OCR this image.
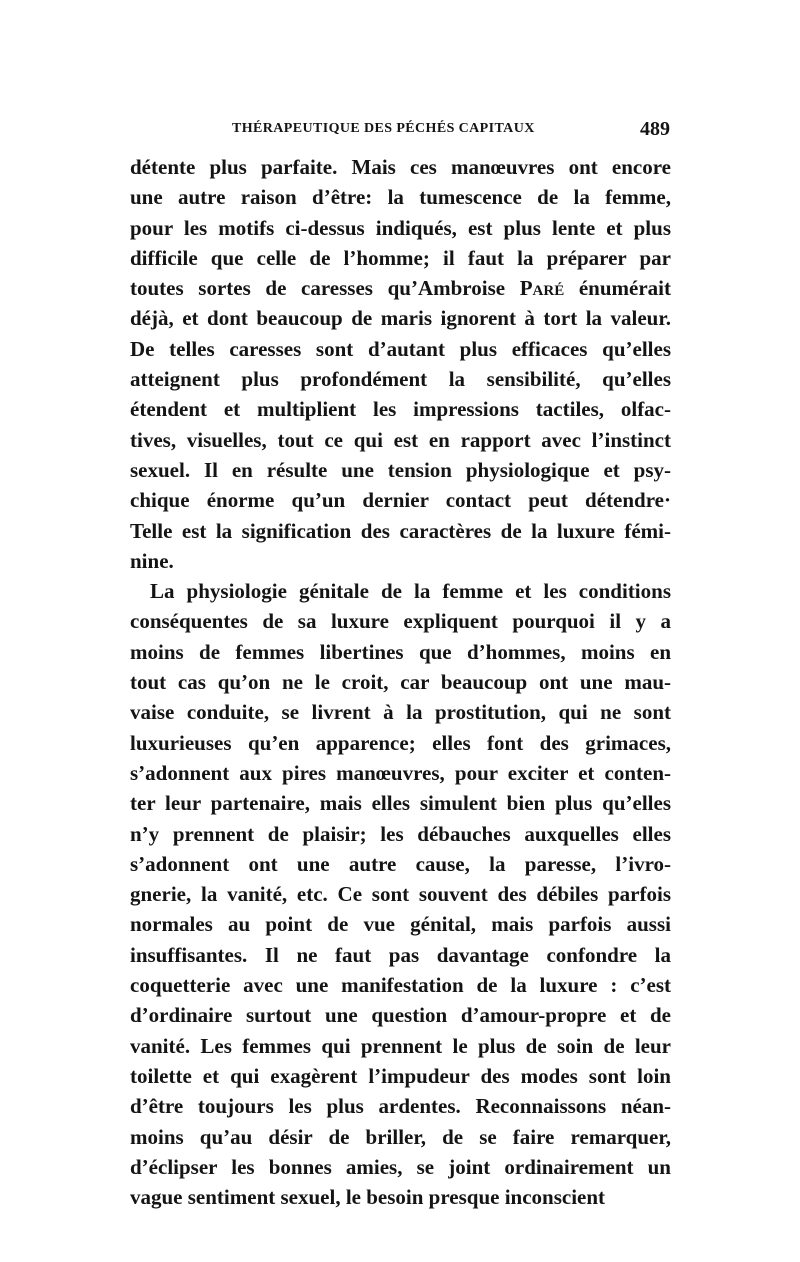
THÉRAPEUTIQUE DES PÉCHÉS CAPITAUX	489
détente plus parfaite. Mais ces manœuvres ont encore
une autre raison d’être: la tumescence de la femme,
pour les motifs ci-dessus indiqués, est plus lente et plus
difficile que celle de l’homme; il faut la préparer par
toutes sortes de caresses qu’Ambroise Paré énumérait
déjà, et dont beaucoup de maris ignorent à tort la valeur.
De telles caresses sont d’autant plus efficaces qu’elles
atteignent plus profondément la sensibilité, qu’elles
étendent et multiplient les impressions tactiles, olfac-
tives, visuelles, tout ce qui est en rapport avec l’instinct
sexuel. Il en résulte une tension physiologique et psy-
chique énorme qu’un dernier contact peut détendre·
Telle est la signification des caractères de la luxure fémi-
nine.
La physiologie génitale de la femme et les conditions
conséquentes de sa luxure expliquent pourquoi il y a
moins de femmes libertines que d’hommes, moins en
tout cas qu’on ne le croit, car beaucoup ont une mau-
vaise conduite, se livrent à la prostitution, qui ne sont
luxurieuses qu’en apparence; elles font des grimaces,
s’adonnent aux pires manœuvres, pour exciter et conten-
ter leur partenaire, mais elles simulent bien plus qu’elles
n’y prennent de plaisir; les débauches auxquelles elles
s’adonnent ont une autre cause, la paresse, l’ivro-
gnerie, la vanité, etc. Ce sont souvent des débiles parfois
normales au point de vue génital, mais parfois aussi
insuffisantes. Il ne faut pas davantage confondre la
coquetterie avec une manifestation de la luxure : c’est
d’ordinaire surtout une question d’amour-propre et de
vanité. Les femmes qui prennent le plus de soin de leur
toilette et qui exagèrent l’impudeur des modes sont loin
d’être toujours les plus ardentes. Reconnaissons néan-
moins qu’au désir de briller, de se faire remarquer,
d’éclipser les bonnes amies, se joint ordinairement un
vague sentiment sexuel, le besoin presque inconscient
